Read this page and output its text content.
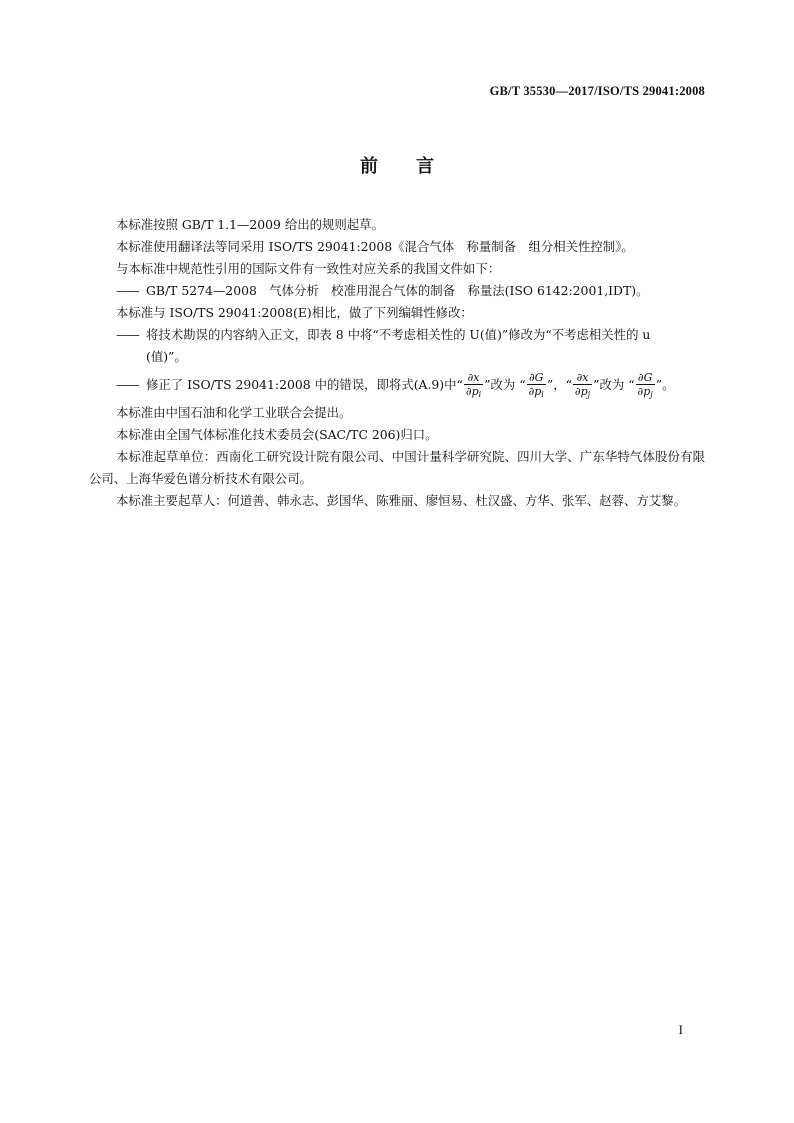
GB/T 35530—2017/ISO/TS 29041:2008
前言
本标准按照 GB/T 1.1—2009 给出的规则起草。
本标准使用翻译法等同采用 ISO/TS 29041:2008《混合气体　称量制备　组分相关性控制》。
与本标准中规范性引用的国际文件有一致性对应关系的我国文件如下：
—— GB/T 5274—2008　气体分析　校准用混合气体的制备　称量法(ISO 6142:2001,IDT)。
本标准与 ISO/TS 29041:2008(E)相比，做了下列编辑性修改：
—— 将技术勘误的内容纳入正文，即表 8 中将“不考虑相关性的 U(值)”修改为“不考虑相关性的 u (值)”。
—— 修正了 ISO/TS 29041:2008 中的错误，即将式(A.9)中“ $\frac{\partial x}{\partial p_i}$ ”改为 “ $\frac{\partial G}{\partial p_i}$ ”，“ $\frac{\partial x}{\partial p_j}$ ”改为 “ $\frac{\partial G}{\partial p_j}$ ”。
本标准由中国石油和化学工业联合会提出。
本标准由全国气体标准化技术委员会(SAC/TC 206)归口。
本标准起草单位：西南化工研究设计院有限公司、中国计量科学研究院、四川大学、广东华特气体股份有限公司、上海华爱色谱分析技术有限公司。
本标准主要起草人：何道善、韩永志、彭国华、陈雅丽、廖恒易、杜汉盛、方华、张军、赵蓉、方艾黎。
I
